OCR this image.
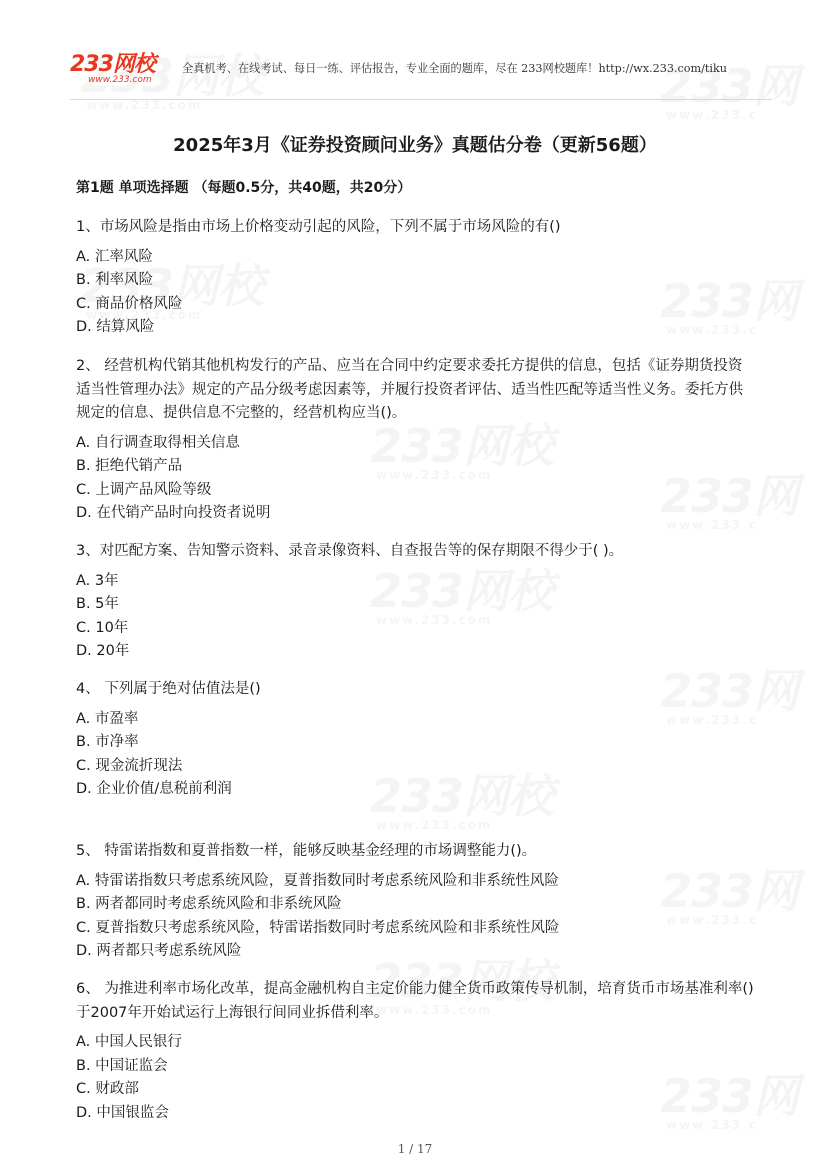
233网校
www.233.com
全真机考、在线考试、每日一练、评估报告，专业全面的题库，尽在 233网校题库！http://wx.233.com/tiku
2025年3月《证券投资顾问业务》真题估分卷（更新56题）
第1题 单项选择题 （每题0.5分，共40题，共20分）

1、市场风险是指由市场上价格变动引起的风险，下列不属于市场风险的有()

A. 汇率风险

B. 利率风险

C. 商品价格风险

D. 结算风险

2、 经营机构代销其他机构发行的产品、应当在合同中约定要求委托方提供的信息，包括《证券期货投资适当性管理办法》规定的产品分级考虑因素等，并履行投资者评估、适当性匹配等适当性义务。委托方供规定的信息、提供信息不完整的，经营机构应当()。

A. 自行调查取得相关信息

B. 拒绝代销产品

C. 上调产品风险等级

D. 在代销产品时向投资者说明

3、对匹配方案、告知警示资料、录音录像资料、自查报告等的保存期限不得少于( )。

A. 3年

B. 5年

C. 10年

D. 20年

4、 下列属于绝对估值法是()

A. 市盈率

B. 市净率

C. 现金流折现法

D. 企业价值/息税前利润

5、 特雷诺指数和夏普指数一样，能够反映基金经理的市场调整能力()。

A. 特雷诺指数只考虑系统风险，夏普指数同时考虑系统风险和非系统性风险

B. 两者都同时考虑系统风险和非系统风险

C. 夏普指数只考虑系统风险，特雷诺指数同时考虑系统风险和非系统性风险

D. 两者都只考虑系统风险

6、 为推进利率市场化改革，提高金融机构自主定价能力健全货币政策传导机制，培育货币市场基准利率()于2007年开始试运行上海银行间同业拆借利率。

A. 中国人民银行

B. 中国证监会

C. 财政部

D. 中国银监会

1 / 17
